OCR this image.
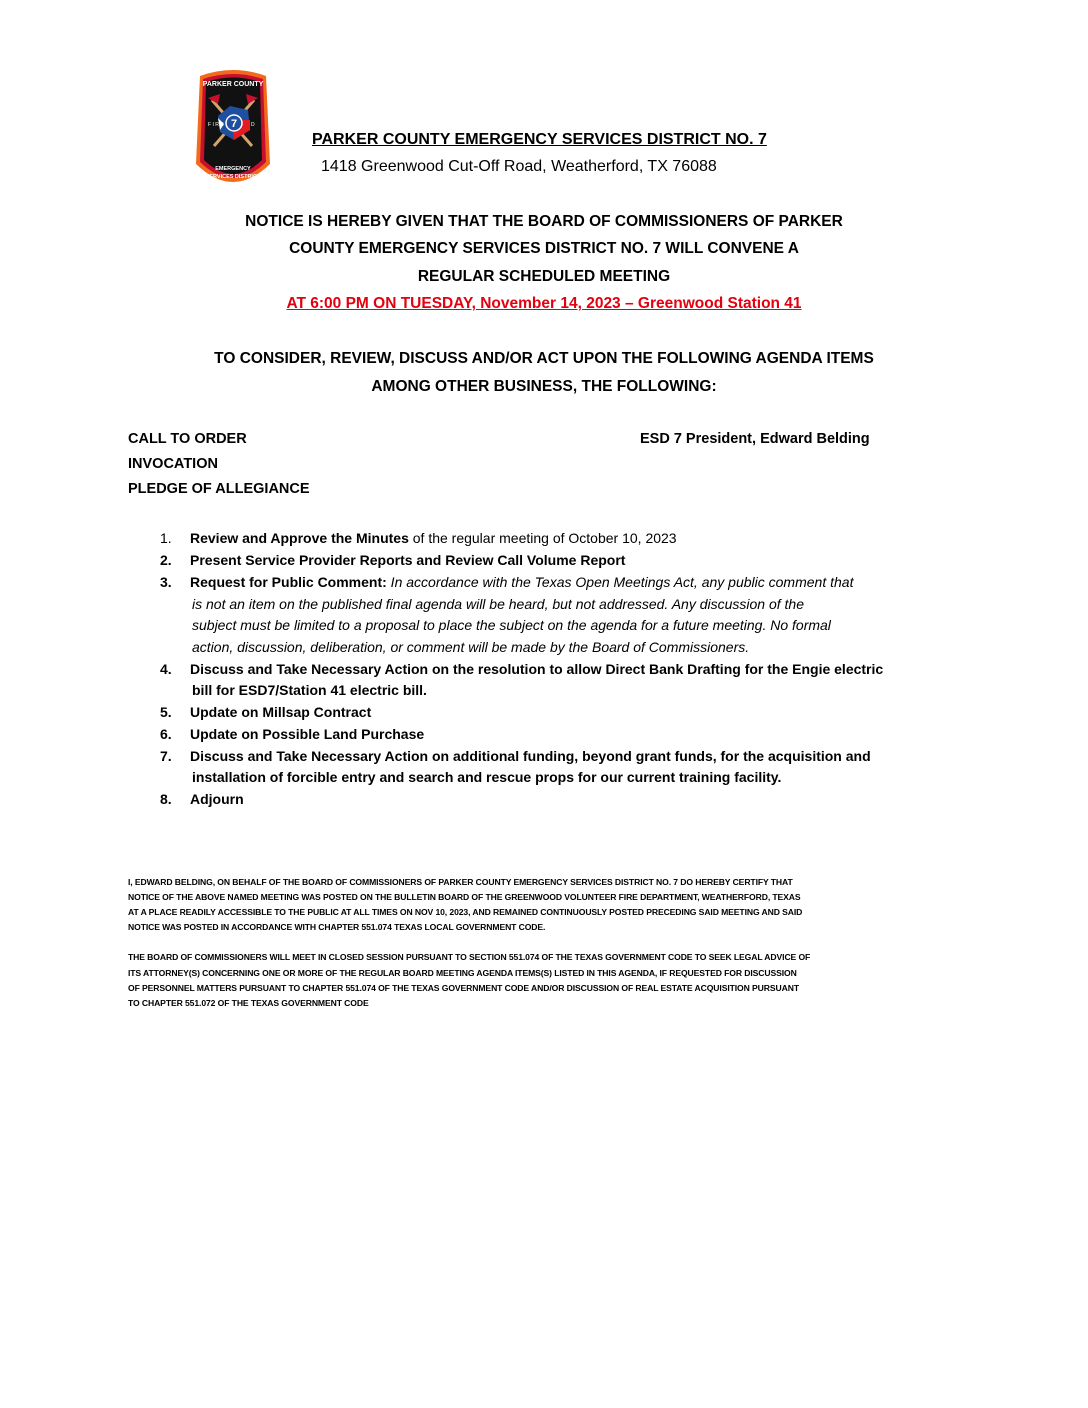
PARKER COUNTY
7
F I R E	D
EMERGENCY
SERVICES DISTRICT
PARKER COUNTY EMERGENCY SERVICES DISTRICT NO. 7
1418 Greenwood Cut-Off Road, Weatherford, TX 76088
NOTICE IS HEREBY GIVEN THAT THE BOARD OF COMMISSIONERS OF PARKER
COUNTY EMERGENCY SERVICES DISTRICT NO. 7 WILL CONVENE A
REGULAR SCHEDULED MEETING
AT 6:00 PM ON TUESDAY, November 14, 2023 – Greenwood Station 41
TO CONSIDER, REVIEW, DISCUSS AND/OR ACT UPON THE FOLLOWING AGENDA ITEMS
AMONG OTHER BUSINESS, THE FOLLOWING:
CALL TO ORDER	ESD 7 President, Edward Belding
INVOCATION
PLEDGE OF ALLEGIANCE
1. Review and Approve the Minutes of the regular meeting of October 10, 2023
2. Present Service Provider Reports and Review Call Volume Report
3. Request for Public Comment: In accordance with the Texas Open Meetings Act, any public comment that
is not an item on the published final agenda will be heard, but not addressed. Any discussion of the
subject must be limited to a proposal to place the subject on the agenda for a future meeting. No formal
action, discussion, deliberation, or comment will be made by the Board of Commissioners.
4. Discuss and Take Necessary Action on the resolution to allow Direct Bank Drafting for the Engie electric
bill for ESD7/Station 41 electric bill.
5. Update on Millsap Contract
6. Update on Possible Land Purchase
7. Discuss and Take Necessary Action on additional funding, beyond grant funds, for the acquisition and
installation of forcible entry and search and rescue props for our current training facility.
8. Adjourn
I, EDWARD BELDING, ON BEHALF OF THE BOARD OF COMMISSIONERS OF PARKER COUNTY EMERGENCY SERVICES DISTRICT NO. 7 DO HEREBY CERTIFY THAT
NOTICE OF THE ABOVE NAMED MEETING WAS POSTED ON THE BULLETIN BOARD OF THE GREENWOOD VOLUNTEER FIRE DEPARTMENT, WEATHERFORD, TEXAS
AT A PLACE READILY ACCESSIBLE TO THE PUBLIC AT ALL TIMES ON NOV 10, 2023, AND REMAINED CONTINUOUSLY POSTED PRECEDING SAID MEETING AND SAID
NOTICE WAS POSTED IN ACCORDANCE WITH CHAPTER 551.074 TEXAS LOCAL GOVERNMENT CODE.
THE BOARD OF COMMISSIONERS WILL MEET IN CLOSED SESSION PURSUANT TO SECTION 551.074 OF THE TEXAS GOVERNMENT CODE TO SEEK LEGAL ADVICE OF
ITS ATTORNEY(S) CONCERNING ONE OR MORE OF THE REGULAR BOARD MEETING AGENDA ITEMS(S) LISTED IN THIS AGENDA, IF REQUESTED FOR DISCUSSION
OF PERSONNEL MATTERS PURSUANT TO CHAPTER 551.074 OF THE TEXAS GOVERNMENT CODE AND/OR DISCUSSION OF REAL ESTATE ACQUISITION PURSUANT
TO CHAPTER 551.072 OF THE TEXAS GOVERNMENT CODE
